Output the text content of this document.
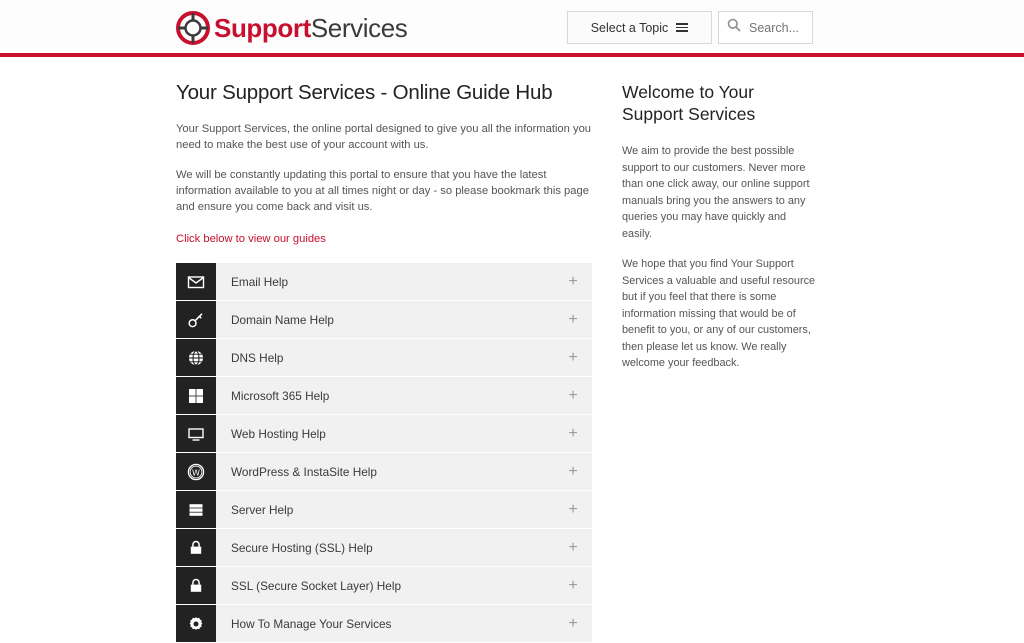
SupportServices	Select a Topic
Search...
Your Support Services - Online Guide Hub

Your Support Services, the online portal designed to give you all the information you need to make the best use of your account with us.

We will be constantly updating this portal to ensure that you have the latest information available to you at all times night or day - so please bookmark this page and ensure you come back and visit us.

Click below to view our guides
Email Help	+
Domain Name Help	+
DNS Help	+
Microsoft 365 Help	+
Web Hosting Help	+
W	WordPress & InstaSite Help	+
Server Help	+
Secure Hosting (SSL) Help	+
SSL (Secure Socket Layer) Help	+
How To Manage Your Services	+
Welcome to Your Support Services

We aim to provide the best possible support to our customers. Never more than one click away, our online support manuals bring you the answers to any queries you may have quickly and easily.

We hope that you find Your Support Services a valuable and useful resource but if you feel that there is some information missing that would be of benefit to you, or any of our customers, then please let us know. We really welcome your feedback.
